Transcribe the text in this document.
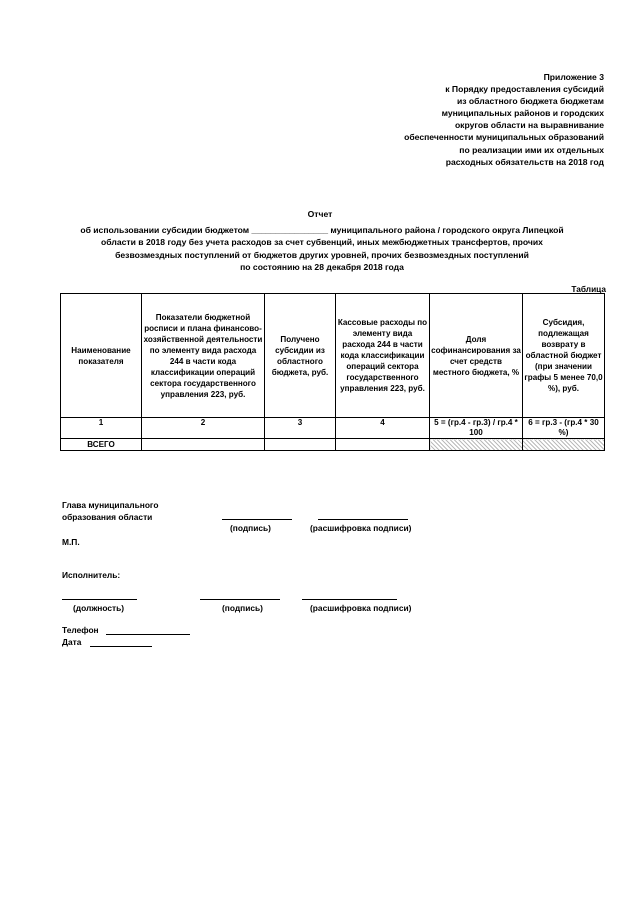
Приложение 3
к Порядку предоставления субсидий
из областного бюджета бюджетам
муниципальных районов и городских
округов области на выравнивание
обеспеченности муниципальных образований
по реализации ими их отдельных
расходных обязательств на 2018 год
Отчет
об использовании субсидии бюджетом ________________ муниципального района / городского округа Липецкой
области в 2018 году без учета расходов за счет субвенций, иных межбюджетных трансфертов, прочих
безвозмездных поступлений от бюджетов других уровней, прочих безвозмездных поступлений
по состоянию на 28 декабря 2018 года
Таблица
Наименование показателя	Показатели бюджетной росписи и плана финансово-хозяйственной деятельности по элементу вида расхода 244 в части кода классификации операций сектора государственного управления 223, руб.	Получено субсидии из областного бюджета, руб.	Кассовые расходы по элементу вида расхода 244 в части кода классификации операций сектора государственного управления 223, руб.	Доля софинансирования за счет средств местного бюджета, %	Субсидия, подлежащая возврату в областной бюджет (при значении графы 5 менее 70,0 %), руб.
1	2	3	4	5 = (гр.4 - гр.3) / гр.4 * 100	6 = гр.3 - (гр.4 * 30 %)
ВСЕГО					
Глава муниципального
образования области
(подпись)	(расшифровка подписи)
М.П.
Исполнитель:
(должность)	(подпись)	(расшифровка подписи)
Телефон
Дата
